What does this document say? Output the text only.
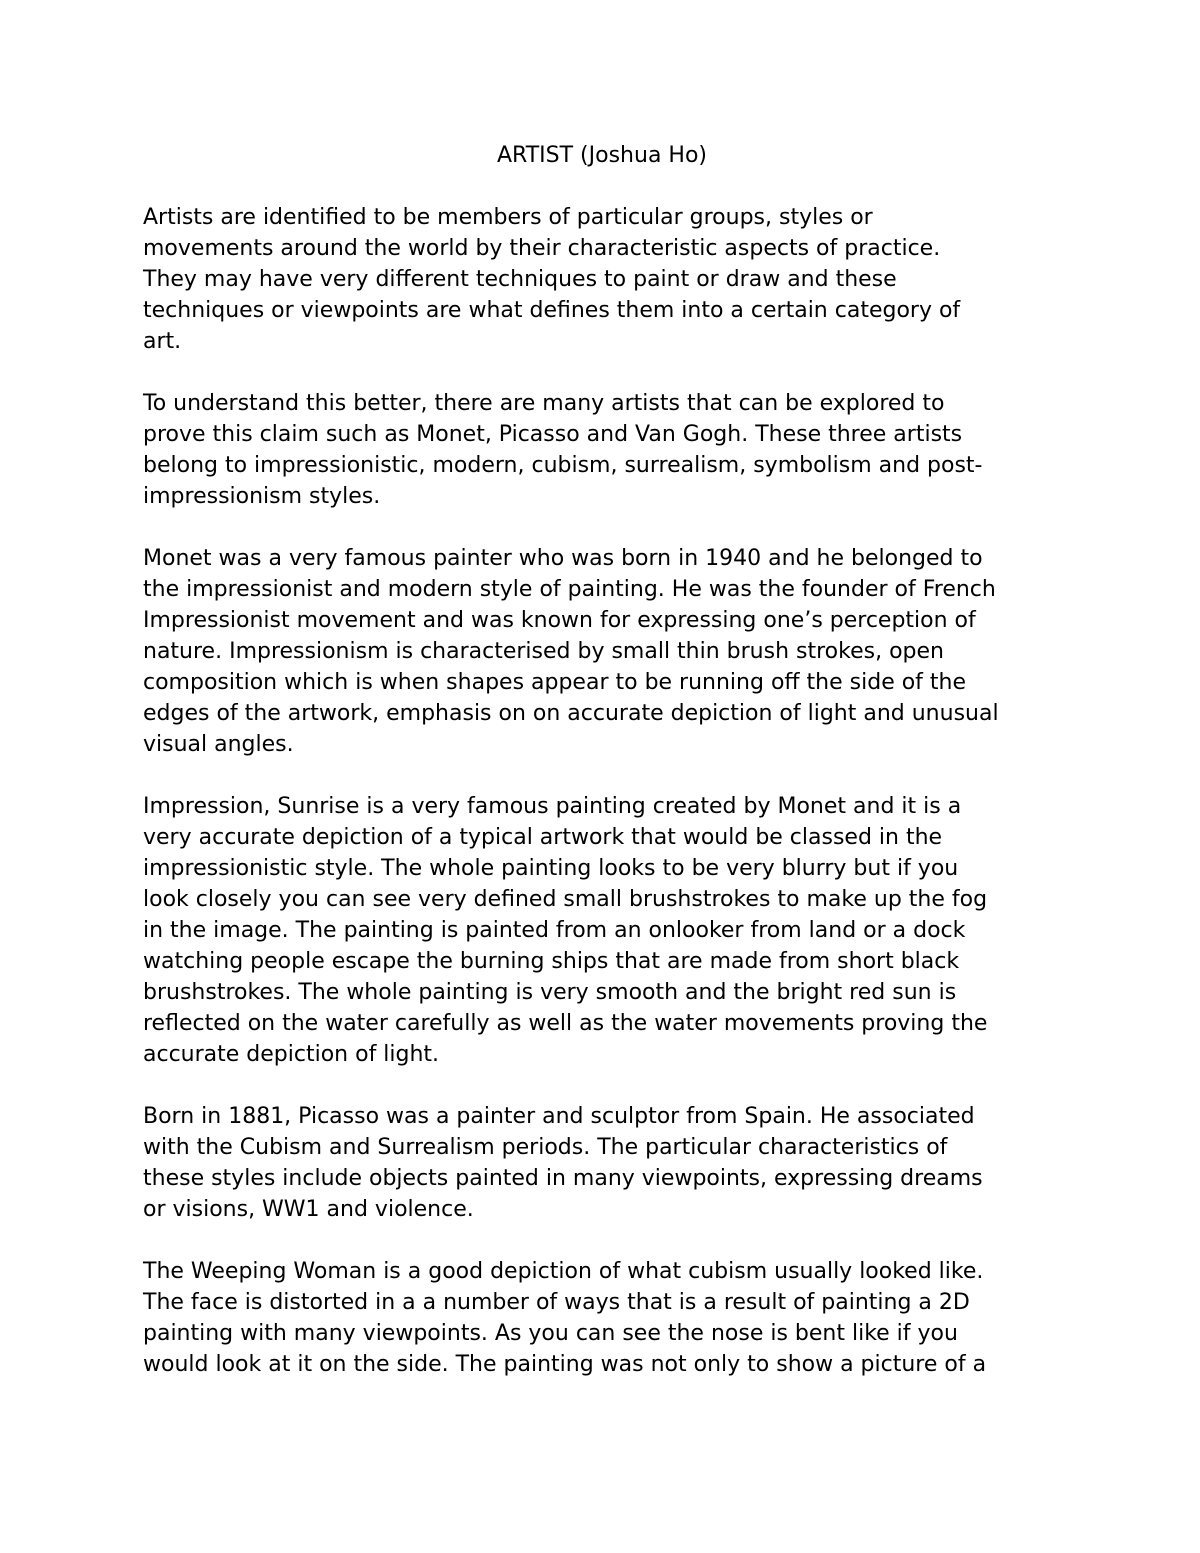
ARTIST (Joshua Ho)
Artists are identified to be members of particular groups, styles or
movements around the world by their characteristic aspects of practice.
They may have very different techniques to paint or draw and these
techniques or viewpoints are what defines them into a certain category of
art.
To understand this better, there are many artists that can be explored to
prove this claim such as Monet, Picasso and Van Gogh. These three artists
belong to impressionistic, modern, cubism, surrealism, symbolism and post-
impressionism styles.
Monet was a very famous painter who was born in 1940 and he belonged to
the impressionist and modern style of painting. He was the founder of French
Impressionist movement and was known for expressing one’s perception of
nature. Impressionism is characterised by small thin brush strokes, open
composition which is when shapes appear to be running off the side of the
edges of the artwork, emphasis on on accurate depiction of light and unusual
visual angles.
Impression, Sunrise is a very famous painting created by Monet and it is a
very accurate depiction of a typical artwork that would be classed in the
impressionistic style. The whole painting looks to be very blurry but if you
look closely you can see very defined small brushstrokes to make up the fog
in the image. The painting is painted from an onlooker from land or a dock
watching people escape the burning ships that are made from short black
brushstrokes. The whole painting is very smooth and the bright red sun is
reflected on the water carefully as well as the water movements proving the
accurate depiction of light.
Born in 1881, Picasso was a painter and sculptor from Spain. He associated
with the Cubism and Surrealism periods. The particular characteristics of
these styles include objects painted in many viewpoints, expressing dreams
or visions, WW1 and violence.
The Weeping Woman is a good depiction of what cubism usually looked like.
The face is distorted in a a number of ways that is a result of painting a 2D
painting with many viewpoints. As you can see the nose is bent like if you
would look at it on the side. The painting was not only to show a picture of a
